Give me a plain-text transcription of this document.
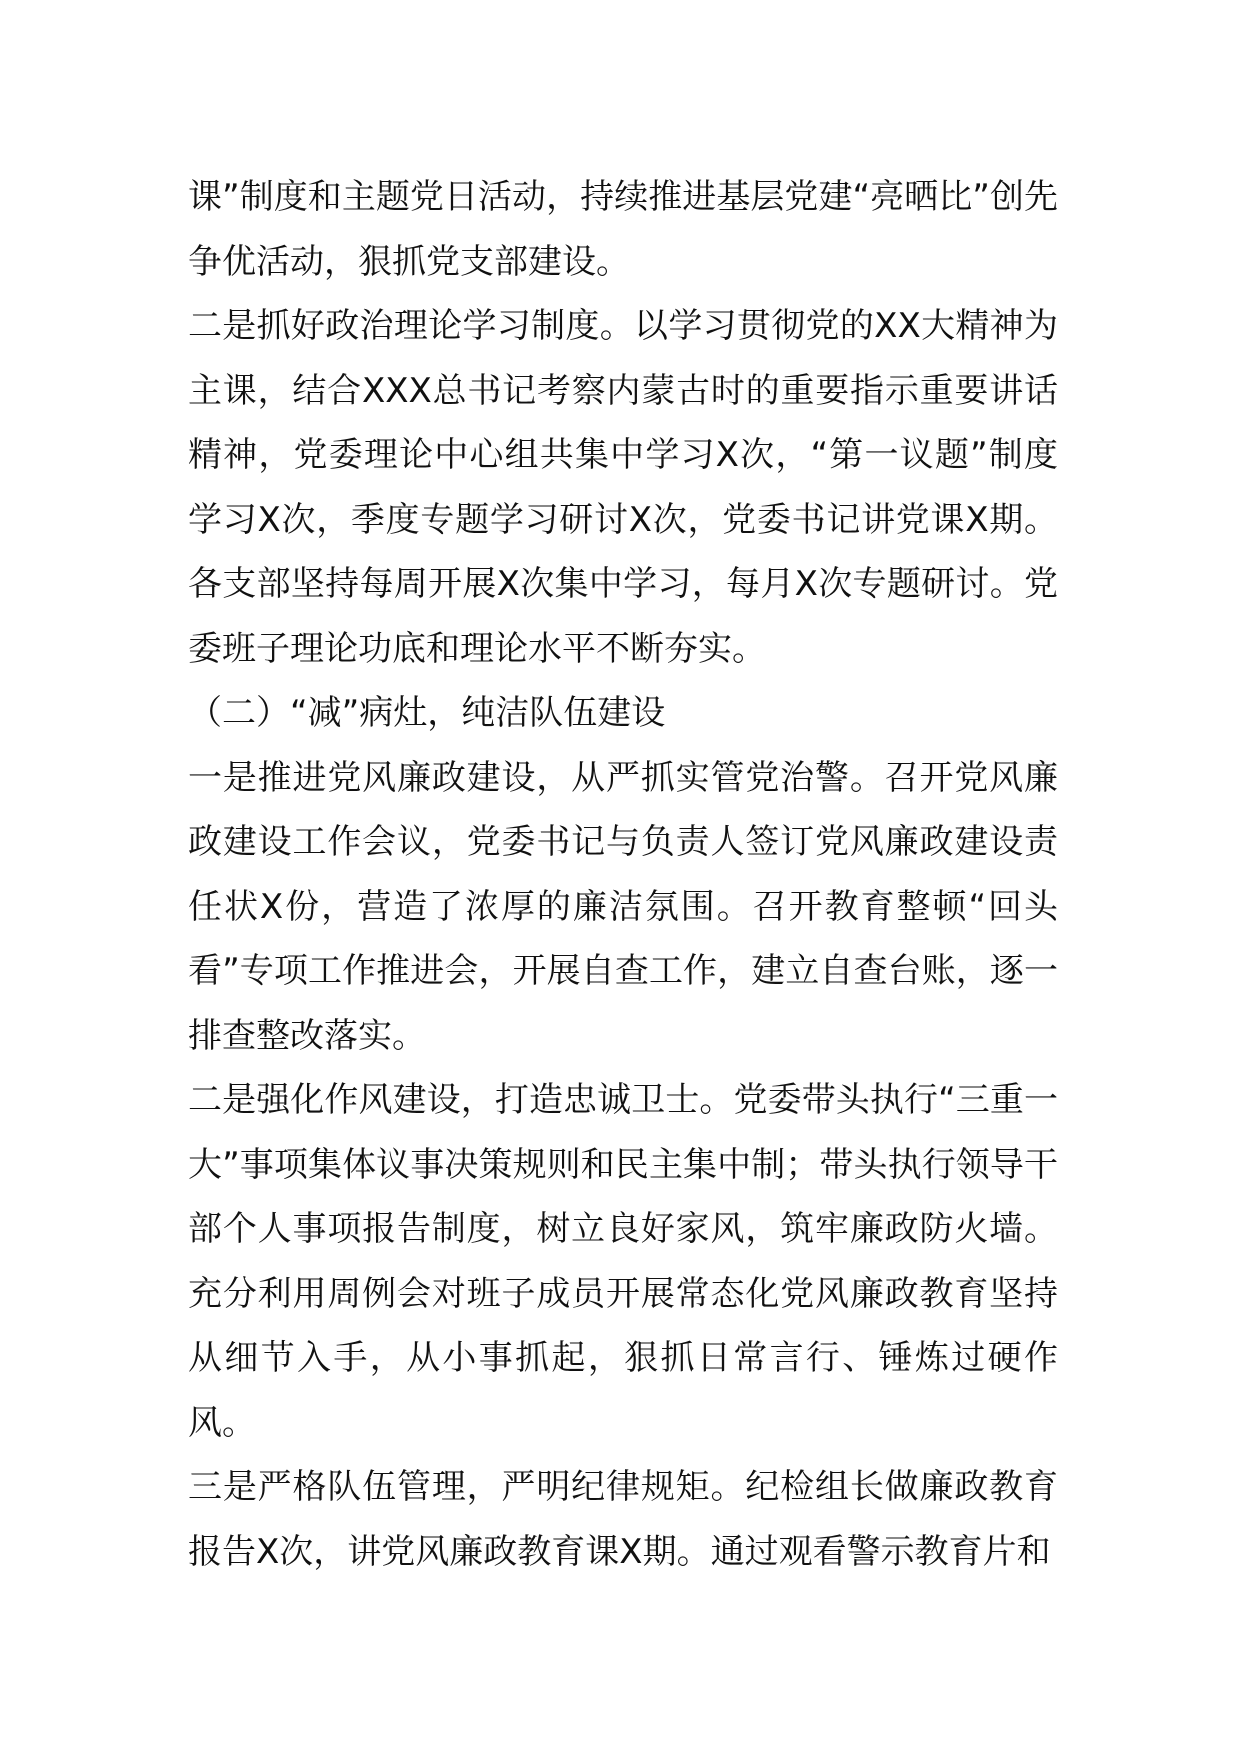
课”制度和主题党日活动，持续推进基层党建“亮晒比”创先争优活动，狠抓党支部建设。

二是抓好政治理论学习制度。以学习贯彻党的XX大精神为主课，结合XXX总书记考察内蒙古时的重要指示重要讲话精神，党委理论中心组共集中学习X次，“第一议题”制度学习X次，季度专题学习研讨X次，党委书记讲党课X期。各支部坚持每周开展X次集中学习，每月X次专题研讨。党委班子理论功底和理论水平不断夯实。

（二）“减”病灶，纯洁队伍建设

一是推进党风廉政建设，从严抓实管党治警。召开党风廉政建设工作会议，党委书记与负责人签订党风廉政建设责任状X份，营造了浓厚的廉洁氛围。召开教育整顿“回头看”专项工作推进会，开展自查工作，建立自查台账，逐一排查整改落实。

二是强化作风建设，打造忠诚卫士。党委带头执行“三重一大”事项集体议事决策规则和民主集中制；带头执行领导干部个人事项报告制度，树立良好家风，筑牢廉政防火墙。充分利用周例会对班子成员开展常态化党风廉政教育坚持从细节入手，从小事抓起，狠抓日常言行、锤炼过硬作风。

三是严格队伍管理，严明纪律规矩。纪检组长做廉政教育报告X次，讲党风廉政教育课X期。通过观看警示教育片和
